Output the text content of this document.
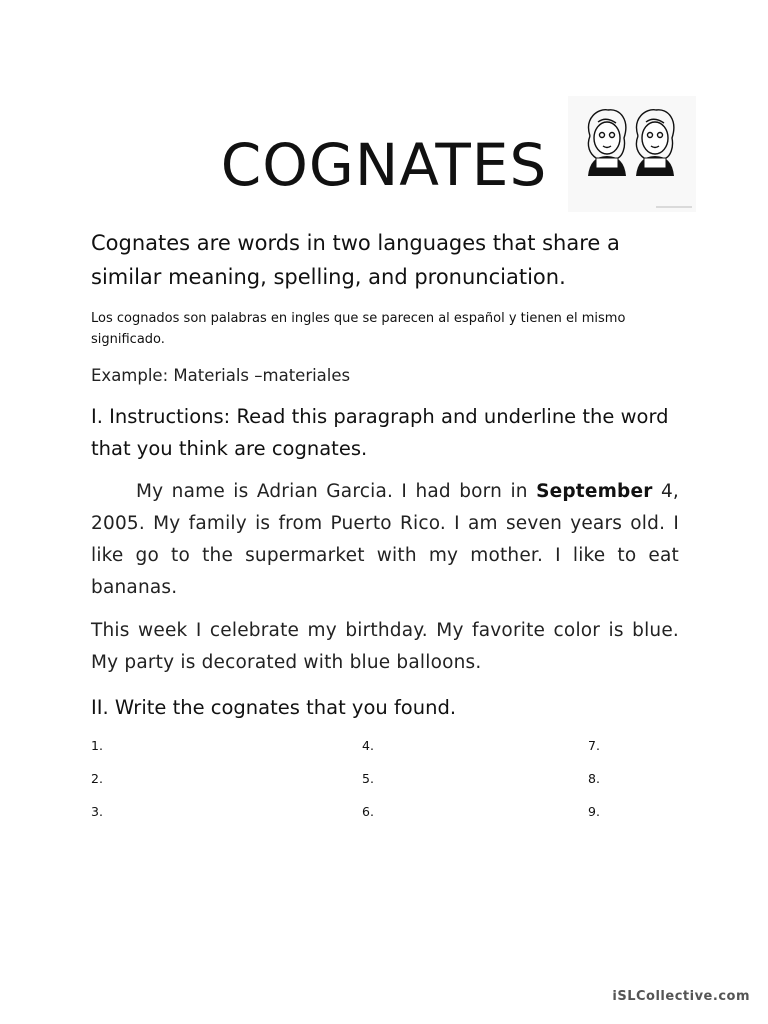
COGNATES

Cognates are words in two languages that share a similar meaning, spelling, and pronunciation.

Los cognados son palabras en ingles que se parecen al español y tienen el mismo significado.

Example: Materials –materiales

I. Instructions: Read this paragraph and underline the word that you think are cognates.

My name is Adrian Garcia. I had born in September 4, 2005. My family is from Puerto Rico. I am seven years old. I like go to the supermarket with my mother. I like to eat bananas.

This week I celebrate my birthday. My favorite color is blue. My party is decorated with blue balloons.

II. Write the cognates that you found.

1.
2.
3.
4.
5.
6.
7.
8.
9.
iSLCollective.com
